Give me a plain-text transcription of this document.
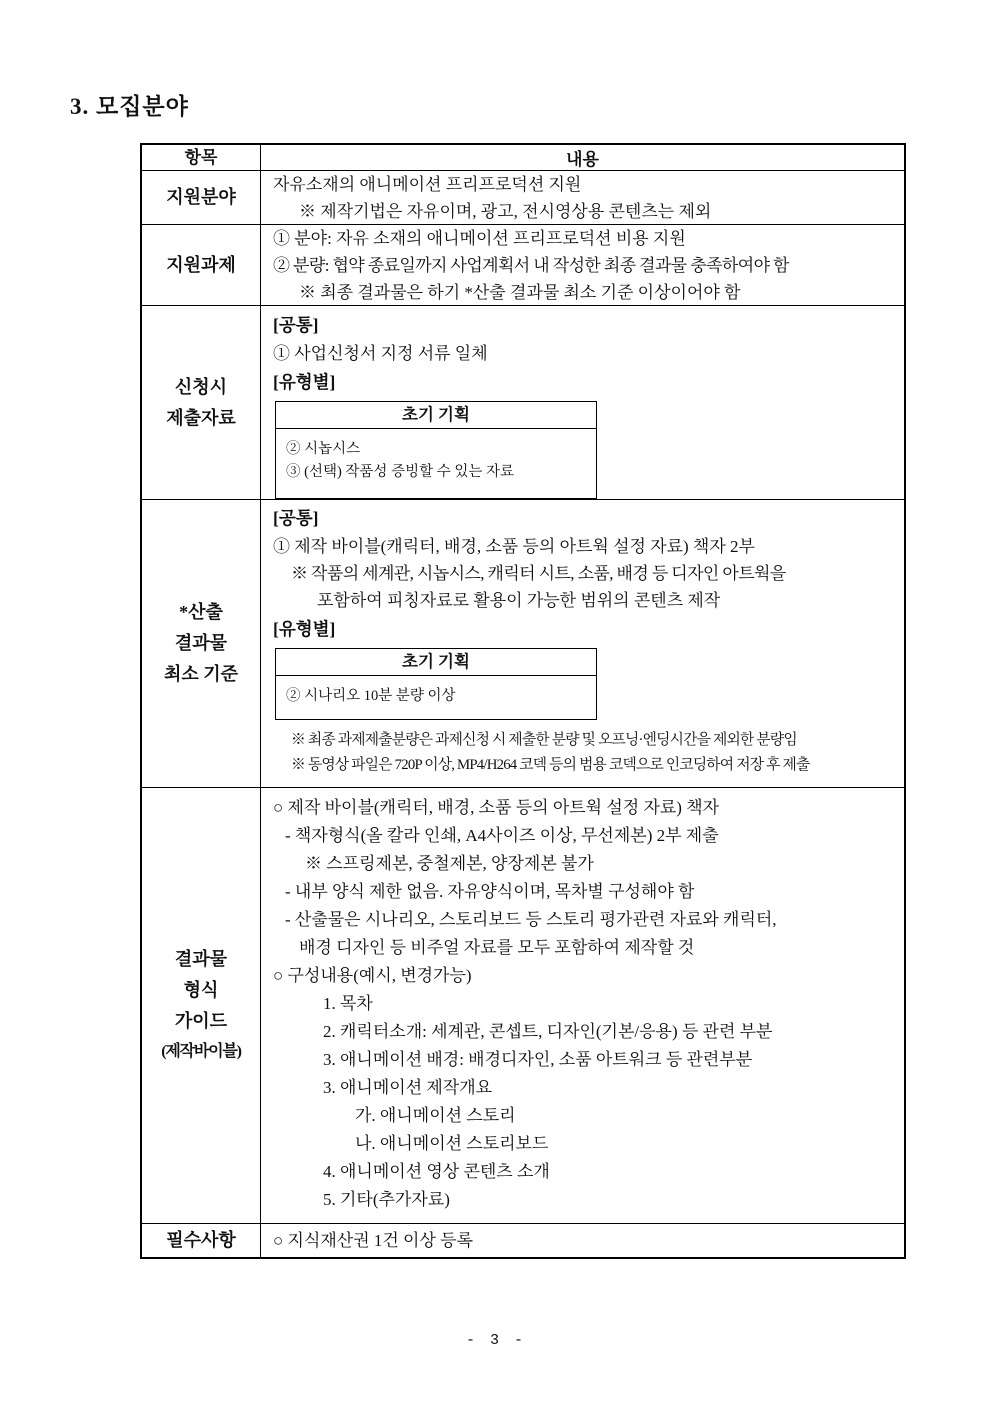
3. 모집분야
항목	내용
지원분야
자유소재의 애니메이션 프리프로덕션 지원
※ 제작기법은 자유이며, 광고, 전시영상용 콘텐츠는 제외
지원과제
① 분야: 자유 소재의 애니메이션 프리프로덕션 비용 지원
② 분량: 협약 종료일까지 사업계획서 내 작성한 최종 결과물 충족하여야 함
※ 최종 결과물은 하기 *산출 결과물 최소 기준 이상이어야 함
신청시
제출자료
[공통]
① 사업신청서 지정 서류 일체
[유형별]
초기 기획
② 시놉시스
③ (선택) 작품성 증빙할 수 있는 자료
*산출
결과물
최소 기준
[공통]
① 제작 바이블(캐릭터, 배경, 소품 등의 아트웍 설정 자료) 책자 2부
※ 작품의 세계관, 시놉시스, 캐릭터 시트, 소품, 배경 등 디자인 아트웍을
포함하여 피칭자료로 활용이 가능한 범위의 콘텐츠 제작
[유형별]
초기 기획
② 시나리오 10분 분량 이상
※ 최종 과제제출분량은 과제신청 시 제출한 분량 및 오프닝·엔딩시간을 제외한 분량임
※ 동영상 파일은 720P 이상, MP4/H264 코덱 등의 범용 코덱으로 인코딩하여 저장 후 제출
결과물
형식
가이드
(제작바이블)
○ 제작 바이블(캐릭터, 배경, 소품 등의 아트웍 설정 자료) 책자
- 책자형식(올 칼라 인쇄, A4사이즈 이상, 무선제본) 2부 제출
※ 스프링제본, 중철제본, 양장제본 불가
- 내부 양식 제한 없음. 자유양식이며, 목차별 구성해야 함
- 산출물은 시나리오, 스토리보드 등 스토리 평가관련 자료와 캐릭터,
배경 디자인 등 비주얼 자료를 모두 포함하여 제작할 것
○ 구성내용(예시, 변경가능)
1. 목차
2. 캐릭터소개: 세계관, 콘셉트, 디자인(기본/응용) 등 관련 부분
3. 애니메이션 배경: 배경디자인, 소품 아트워크 등 관련부분
3. 애니메이션 제작개요
가. 애니메이션 스토리
나. 애니메이션 스토리보드
4. 애니메이션 영상 콘텐츠 소개
5. 기타(추가자료)
필수사항	○ 지식재산권 1건 이상 등록
- 3 -
